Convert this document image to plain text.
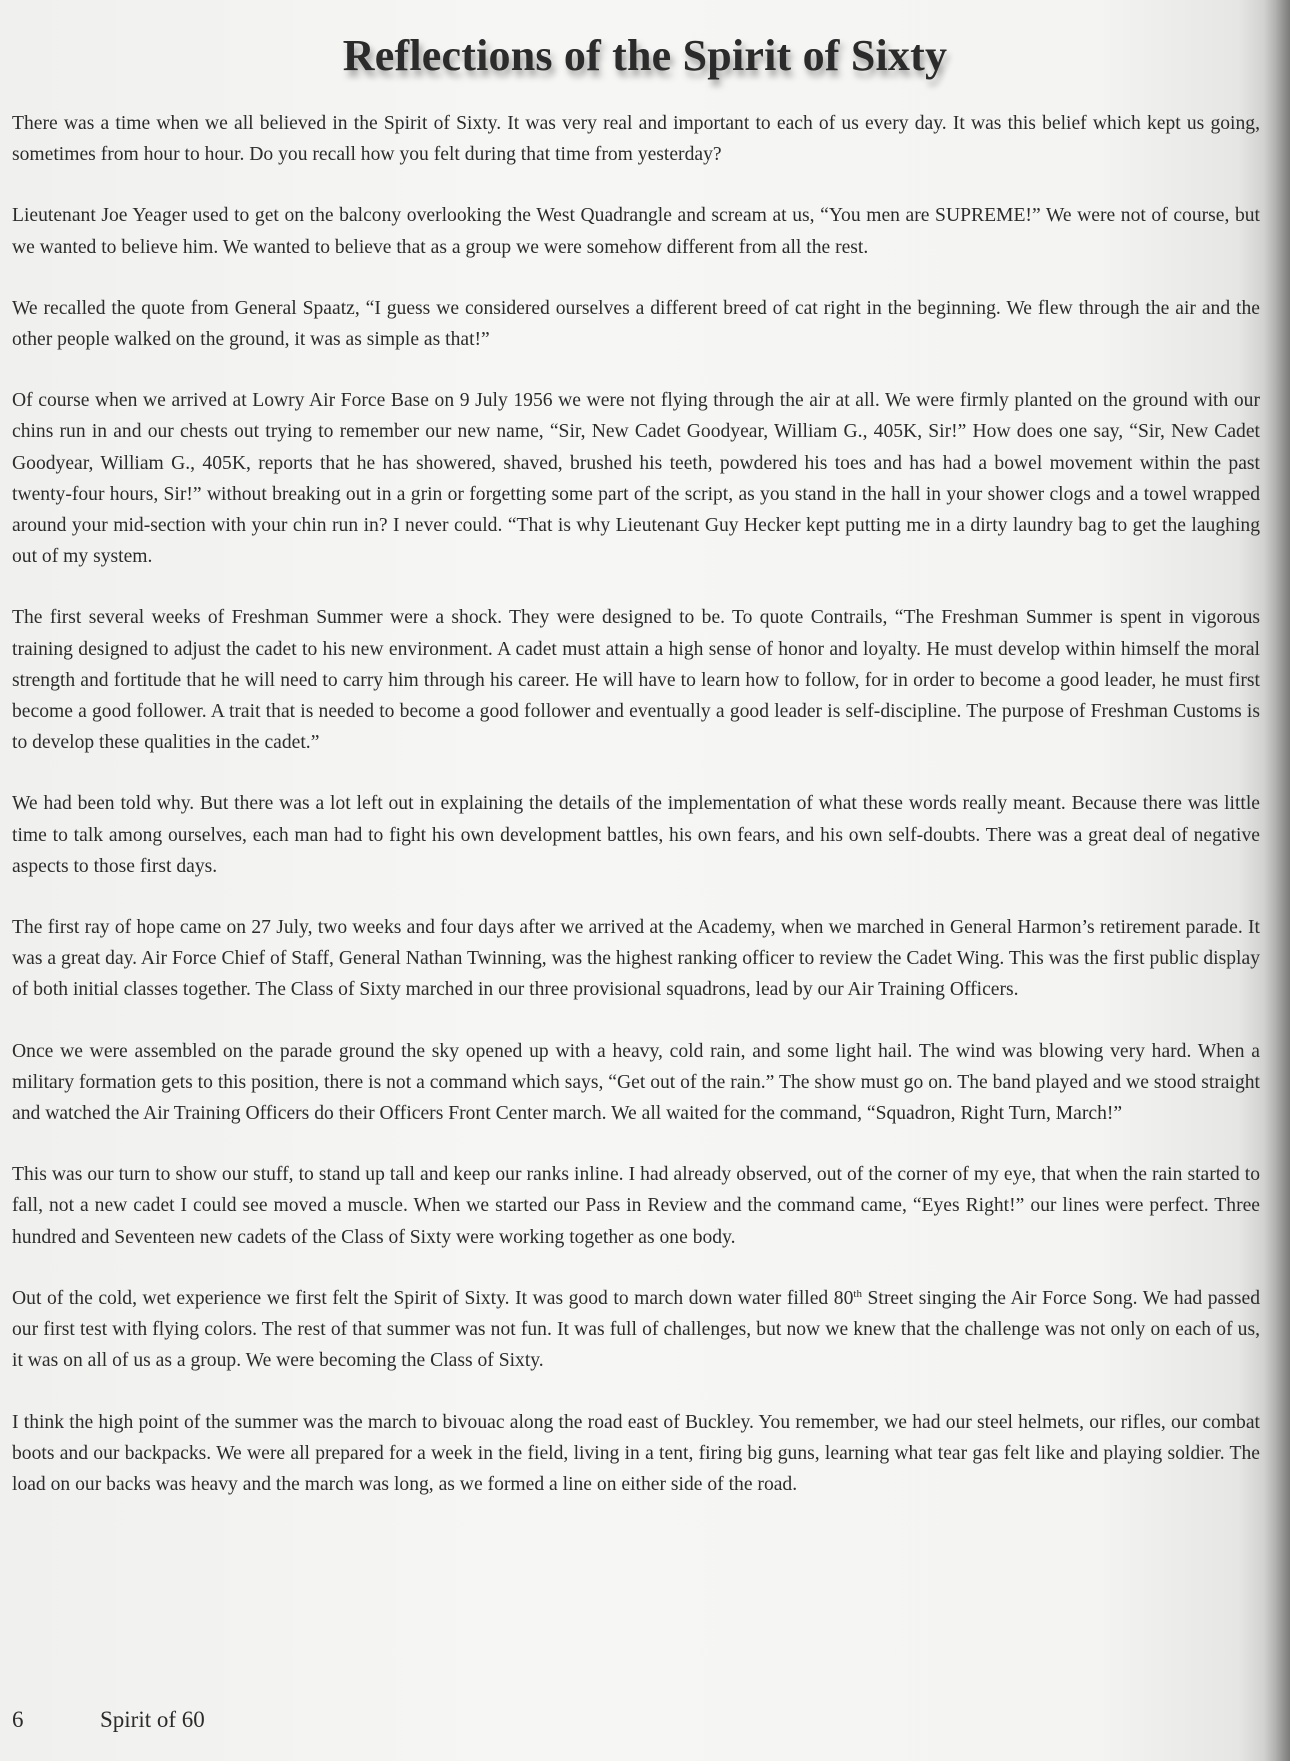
Reflections of the Spirit of Sixty

There was a time when we all believed in the Spirit of Sixty. It was very real and important to each of us every day. It was this belief which kept us going, sometimes from hour to hour. Do you recall how you felt during that time from yesterday?

Lieutenant Joe Yeager used to get on the balcony overlooking the West Quadrangle and scream at us, “You men are SUPREME!” We were not of course, but we wanted to believe him. We wanted to believe that as a group we were somehow different from all the rest.

We recalled the quote from General Spaatz, “I guess we considered ourselves a different breed of cat right in the beginning. We flew through the air and the other people walked on the ground, it was as simple as that!”

Of course when we arrived at Lowry Air Force Base on 9 July 1956 we were not flying through the air at all. We were firmly planted on the ground with our chins run in and our chests out trying to remember our new name, “Sir, New Cadet Goodyear, William G., 405K, Sir!” How does one say, “Sir, New Cadet Goodyear, William G., 405K, reports that he has showered, shaved, brushed his teeth, powdered his toes and has had a bowel movement within the past twenty-four hours, Sir!” without breaking out in a grin or forgetting some part of the script, as you stand in the hall in your shower clogs and a towel wrapped around your mid-section with your chin run in? I never could. “That is why Lieutenant Guy Hecker kept putting me in a dirty laundry bag to get the laughing out of my system.

The first several weeks of Freshman Summer were a shock. They were designed to be. To quote Contrails, “The Freshman Summer is spent in vigorous training designed to adjust the cadet to his new environment. A cadet must attain a high sense of honor and loyalty. He must develop within himself the moral strength and fortitude that he will need to carry him through his career. He will have to learn how to follow, for in order to become a good leader, he must first become a good follower. A trait that is needed to become a good follower and eventually a good leader is self-discipline. The purpose of Freshman Customs is to develop these qualities in the cadet.”

We had been told why. But there was a lot left out in explaining the details of the implementation of what these words really meant. Because there was little time to talk among ourselves, each man had to fight his own development battles, his own fears, and his own self-doubts. There was a great deal of negative aspects to those first days.

The first ray of hope came on 27 July, two weeks and four days after we arrived at the Academy, when we marched in General Harmon’s retirement parade. It was a great day. Air Force Chief of Staff, General Nathan Twinning, was the highest ranking officer to review the Cadet Wing. This was the first public display of both initial classes together. The Class of Sixty marched in our three provisional squadrons, lead by our Air Training Officers.

Once we were assembled on the parade ground the sky opened up with a heavy, cold rain, and some light hail. The wind was blowing very hard. When a military formation gets to this position, there is not a command which says, “Get out of the rain.” The show must go on. The band played and we stood straight and watched the Air Training Officers do their Officers Front Center march. We all waited for the command, “Squadron, Right Turn, March!”

This was our turn to show our stuff, to stand up tall and keep our ranks inline. I had already observed, out of the corner of my eye, that when the rain started to fall, not a new cadet I could see moved a muscle. When we started our Pass in Review and the command came, “Eyes Right!” our lines were perfect. Three hundred and Seventeen new cadets of the Class of Sixty were working together as one body.

Out of the cold, wet experience we first felt the Spirit of Sixty. It was good to march down water filled 80th Street singing the Air Force Song. We had passed our first test with flying colors. The rest of that summer was not fun. It was full of challenges, but now we knew that the challenge was not only on each of us, it was on all of us as a group. We were becoming the Class of Sixty.

I think the high point of the summer was the march to bivouac along the road east of Buckley. You remember, we had our steel helmets, our rifles, our combat boots and our backpacks. We were all prepared for a week in the field, living in a tent, firing big guns, learning what tear gas felt like and playing soldier. The load on our backs was heavy and the march was long, as we formed a line on either side of the road.

6	Spirit of 60
